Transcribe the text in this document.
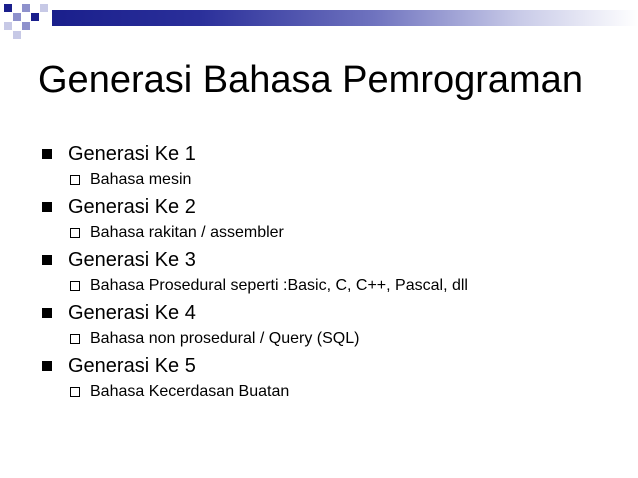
Generasi Bahasa Pemrograman
Generasi Ke 1
Bahasa mesin
Generasi Ke 2
Bahasa rakitan / assembler
Generasi Ke 3
Bahasa Prosedural seperti :Basic, C, C++, Pascal, dll
Generasi Ke 4
Bahasa non prosedural / Query (SQL)
Generasi Ke 5
Bahasa Kecerdasan Buatan
